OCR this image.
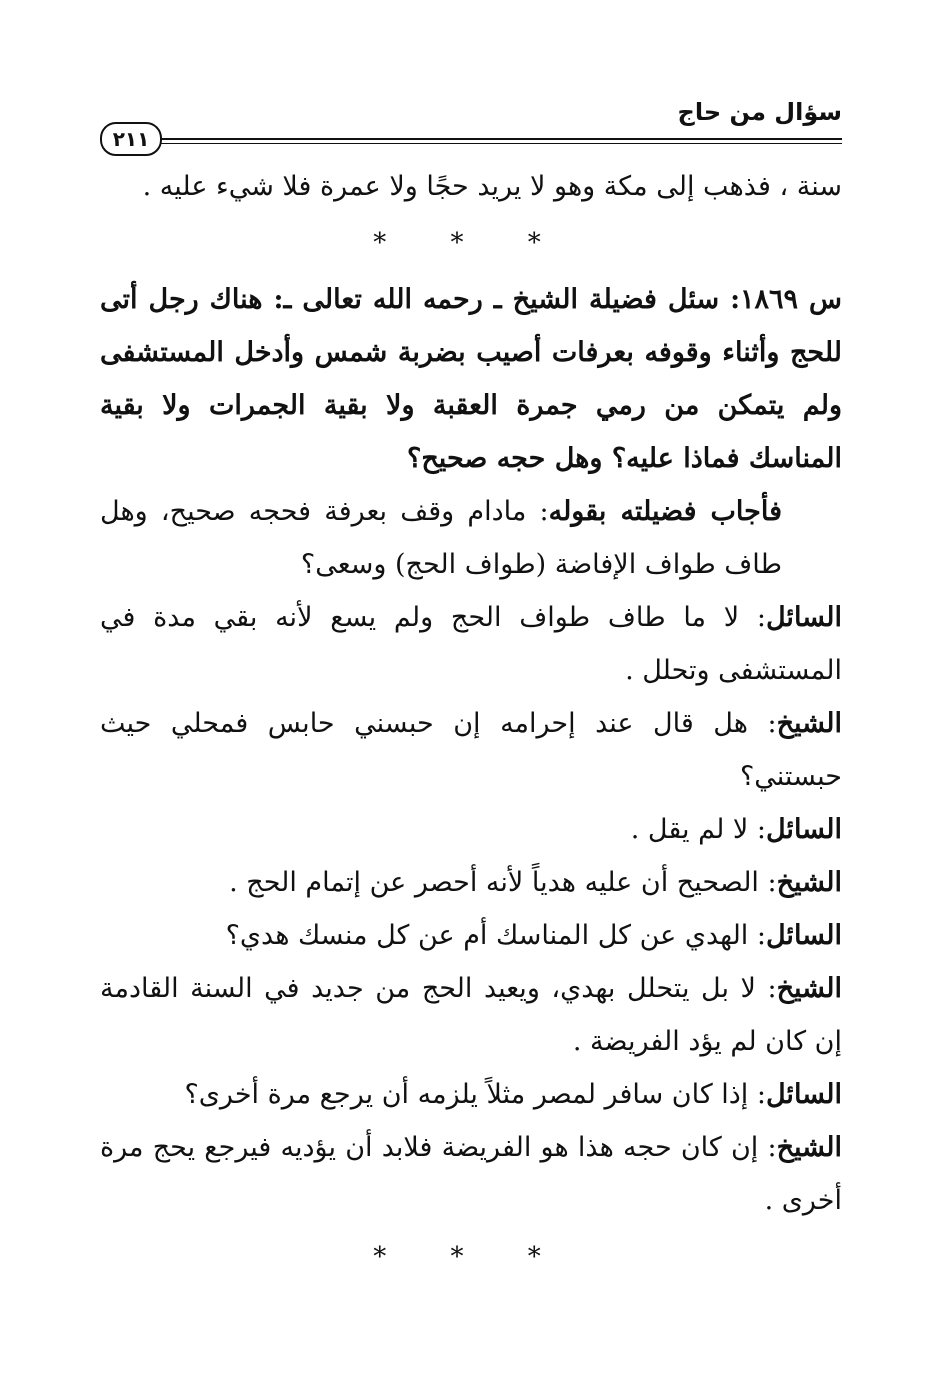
سؤال من حاج
٢١١

سنة ، فذهب إلى مكة وهو لا يريد حجًا ولا عمرة فلا شيء عليه .

* * *

س ١٨٦٩: سئل فضيلة الشيخ ـ رحمه الله تعالى ـ: هناك رجل أتى للحج وأثناء وقوفه بعرفات أصيب بضربة شمس وأدخل المستشفى ولم يتمكن من رمي جمرة العقبة ولا بقية الجمرات ولا بقية المناسك فماذا عليه؟ وهل حجه صحيح؟

فأجاب فضيلته بقوله: مادام وقف بعرفة فحجه صحيح، وهل طاف طواف الإفاضة (طواف الحج) وسعى؟

السائل: لا ما طاف طواف الحج ولم يسع لأنه بقي مدة في المستشفى وتحلل .

الشيخ: هل قال عند إحرامه إن حبسني حابس فمحلي حيث حبستني؟

السائل: لا لم يقل .

الشيخ: الصحيح أن عليه هدياً لأنه أحصر عن إتمام الحج .

السائل: الهدي عن كل المناسك أم عن كل منسك هدي؟

الشيخ: لا بل يتحلل بهدي، ويعيد الحج من جديد في السنة القادمة إن كان لم يؤد الفريضة .

السائل: إذا كان سافر لمصر مثلاً يلزمه أن يرجع مرة أخرى؟

الشيخ: إن كان حجه هذا هو الفريضة فلابد أن يؤديه فيرجع يحج مرة أخرى .

* * *
